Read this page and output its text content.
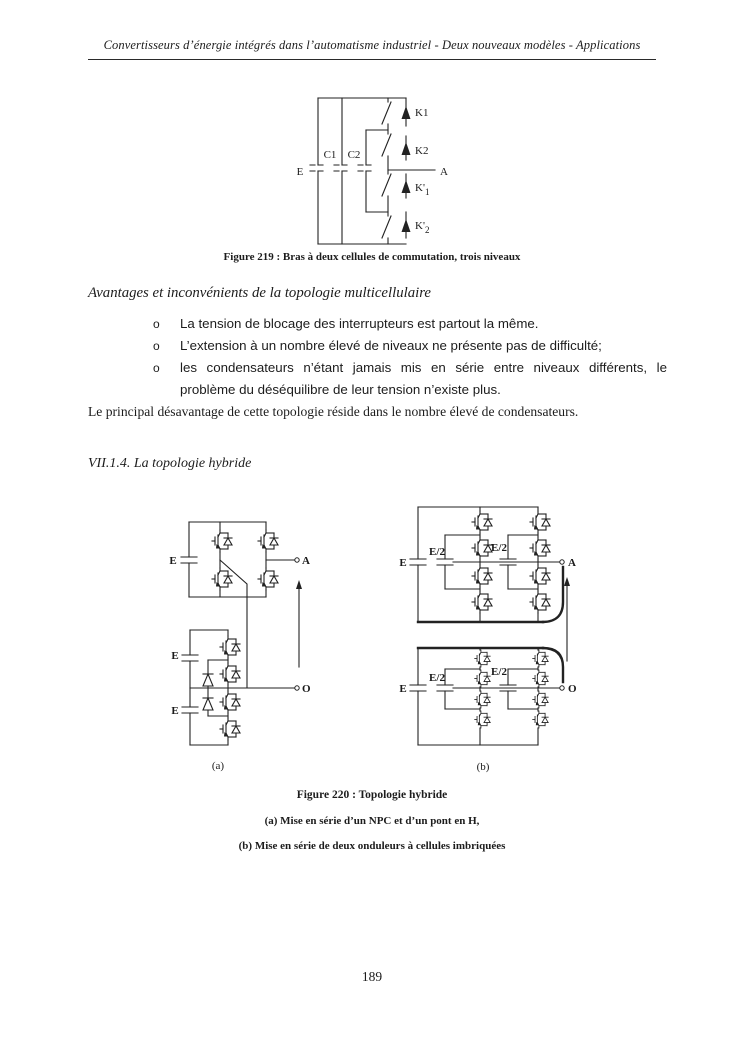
Convertisseurs d’énergie intégrés dans l’automatisme industriel - Deux nouveaux modèles - Applications
E
C1 C2
K1
K2
$K'_1$
$K'_2$
A
Figure 219 : Bras à deux cellules de commutation, trois niveaux
Avantages et inconvénients de la topologie multicellulaire
o	La tension de blocage des interrupteurs est partout la même.
o	L’extension à un nombre élevé de niveaux ne présente pas de difficulté;
o	les condensateurs n’étant jamais mis en série entre niveaux différents, le problème du déséquilibre de leur tension n’existe plus.
Le principal désavantage de cette topologie réside dans le nombre élevé de condensateurs.
VII.1.4. La topologie hybride
E
E
E
A
O
(a)
E
E
E/2	E/2
E/2	E/2
A
O
(b)
Figure 220 : Topologie hybride
(a) Mise en série d’un NPC et d’un pont en H,
(b) Mise en série de deux onduleurs à cellules imbriquées
189
